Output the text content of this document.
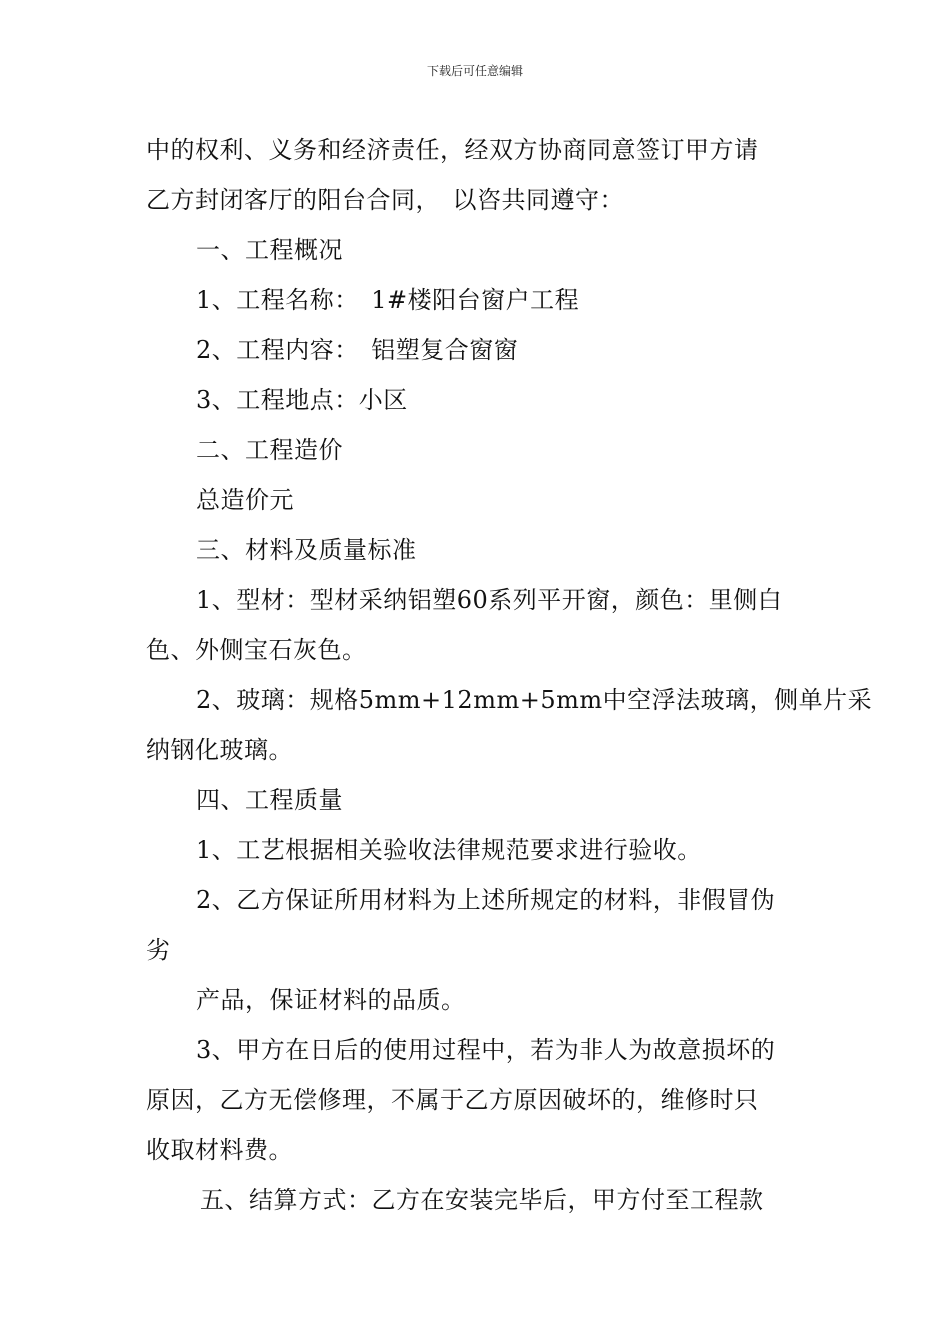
下载后可任意编辑
中的权利、义务和经济责任，经双方协商同意签订甲方请
乙方封闭客厅的阳台合同，　以咨共同遵守：
一、工程概况
1、工程名称：　1#楼阳台窗户工程
2、工程内容：　铝塑复合窗窗
3、工程地点：小区
二、工程造价
总造价元
三、材料及质量标准
1、型材：型材采纳铝塑60系列平开窗，颜色：里侧白
色、外侧宝石灰色。
2、玻璃：规格5mm+12mm+5mm中空浮法玻璃，侧单片采
纳钢化玻璃。
四、工程质量
1、工艺根据相关验收法律规范要求进行验收。
2、乙方保证所用材料为上述所规定的材料，非假冒伪
劣
产品，保证材料的品质。
3、甲方在日后的使用过程中，若为非人为故意损坏的
原因，乙方无偿修理，不属于乙方原因破坏的，维修时只
收取材料费。
五、结算方式：乙方在安装完毕后，甲方付至工程款
